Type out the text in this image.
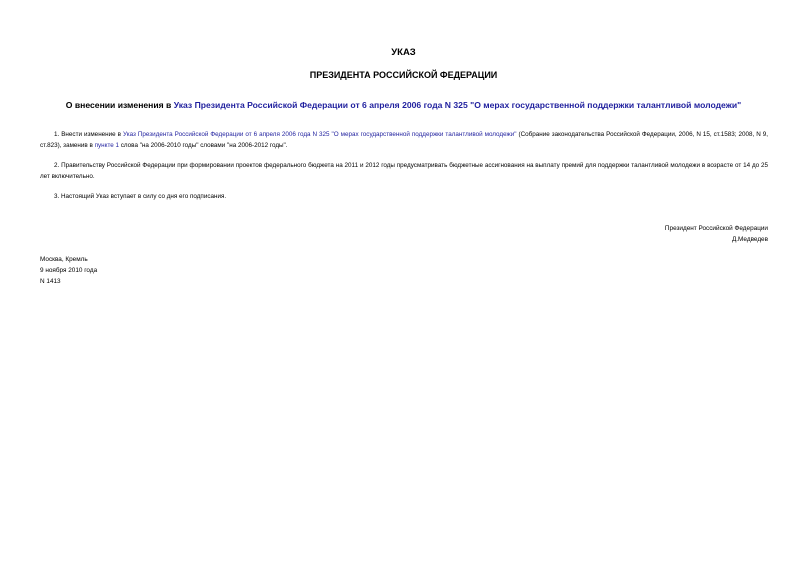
УКАЗ
ПРЕЗИДЕНТА РОССИЙСКОЙ ФЕДЕРАЦИИ
О внесении изменения в Указ Президента Российской Федерации от 6 апреля 2006 года N 325 "О мерах государственной поддержки талантливой молодежи"
1. Внести изменение в Указ Президента Российской Федерации от 6 апреля 2006 года N 325 "О мерах государственной поддержки талантливой молодежи" (Собрание законодательства Российской Федерации, 2006, N 15, ст.1583; 2008, N 9, ст.823), заменив в пункте 1 слова "на 2006-2010 годы" словами "на 2006-2012 годы".
2. Правительству Российской Федерации при формировании проектов федерального бюджета на 2011 и 2012 годы предусматривать бюджетные ассигнования на выплату премий для поддержки талантливой молодежи в возрасте от 14 до 25 лет включительно.
3. Настоящий Указ вступает в силу со дня его подписания.
Президент Российской Федерации
Д.Медведев
Москва, Кремль
9 ноября 2010 года
N 1413
